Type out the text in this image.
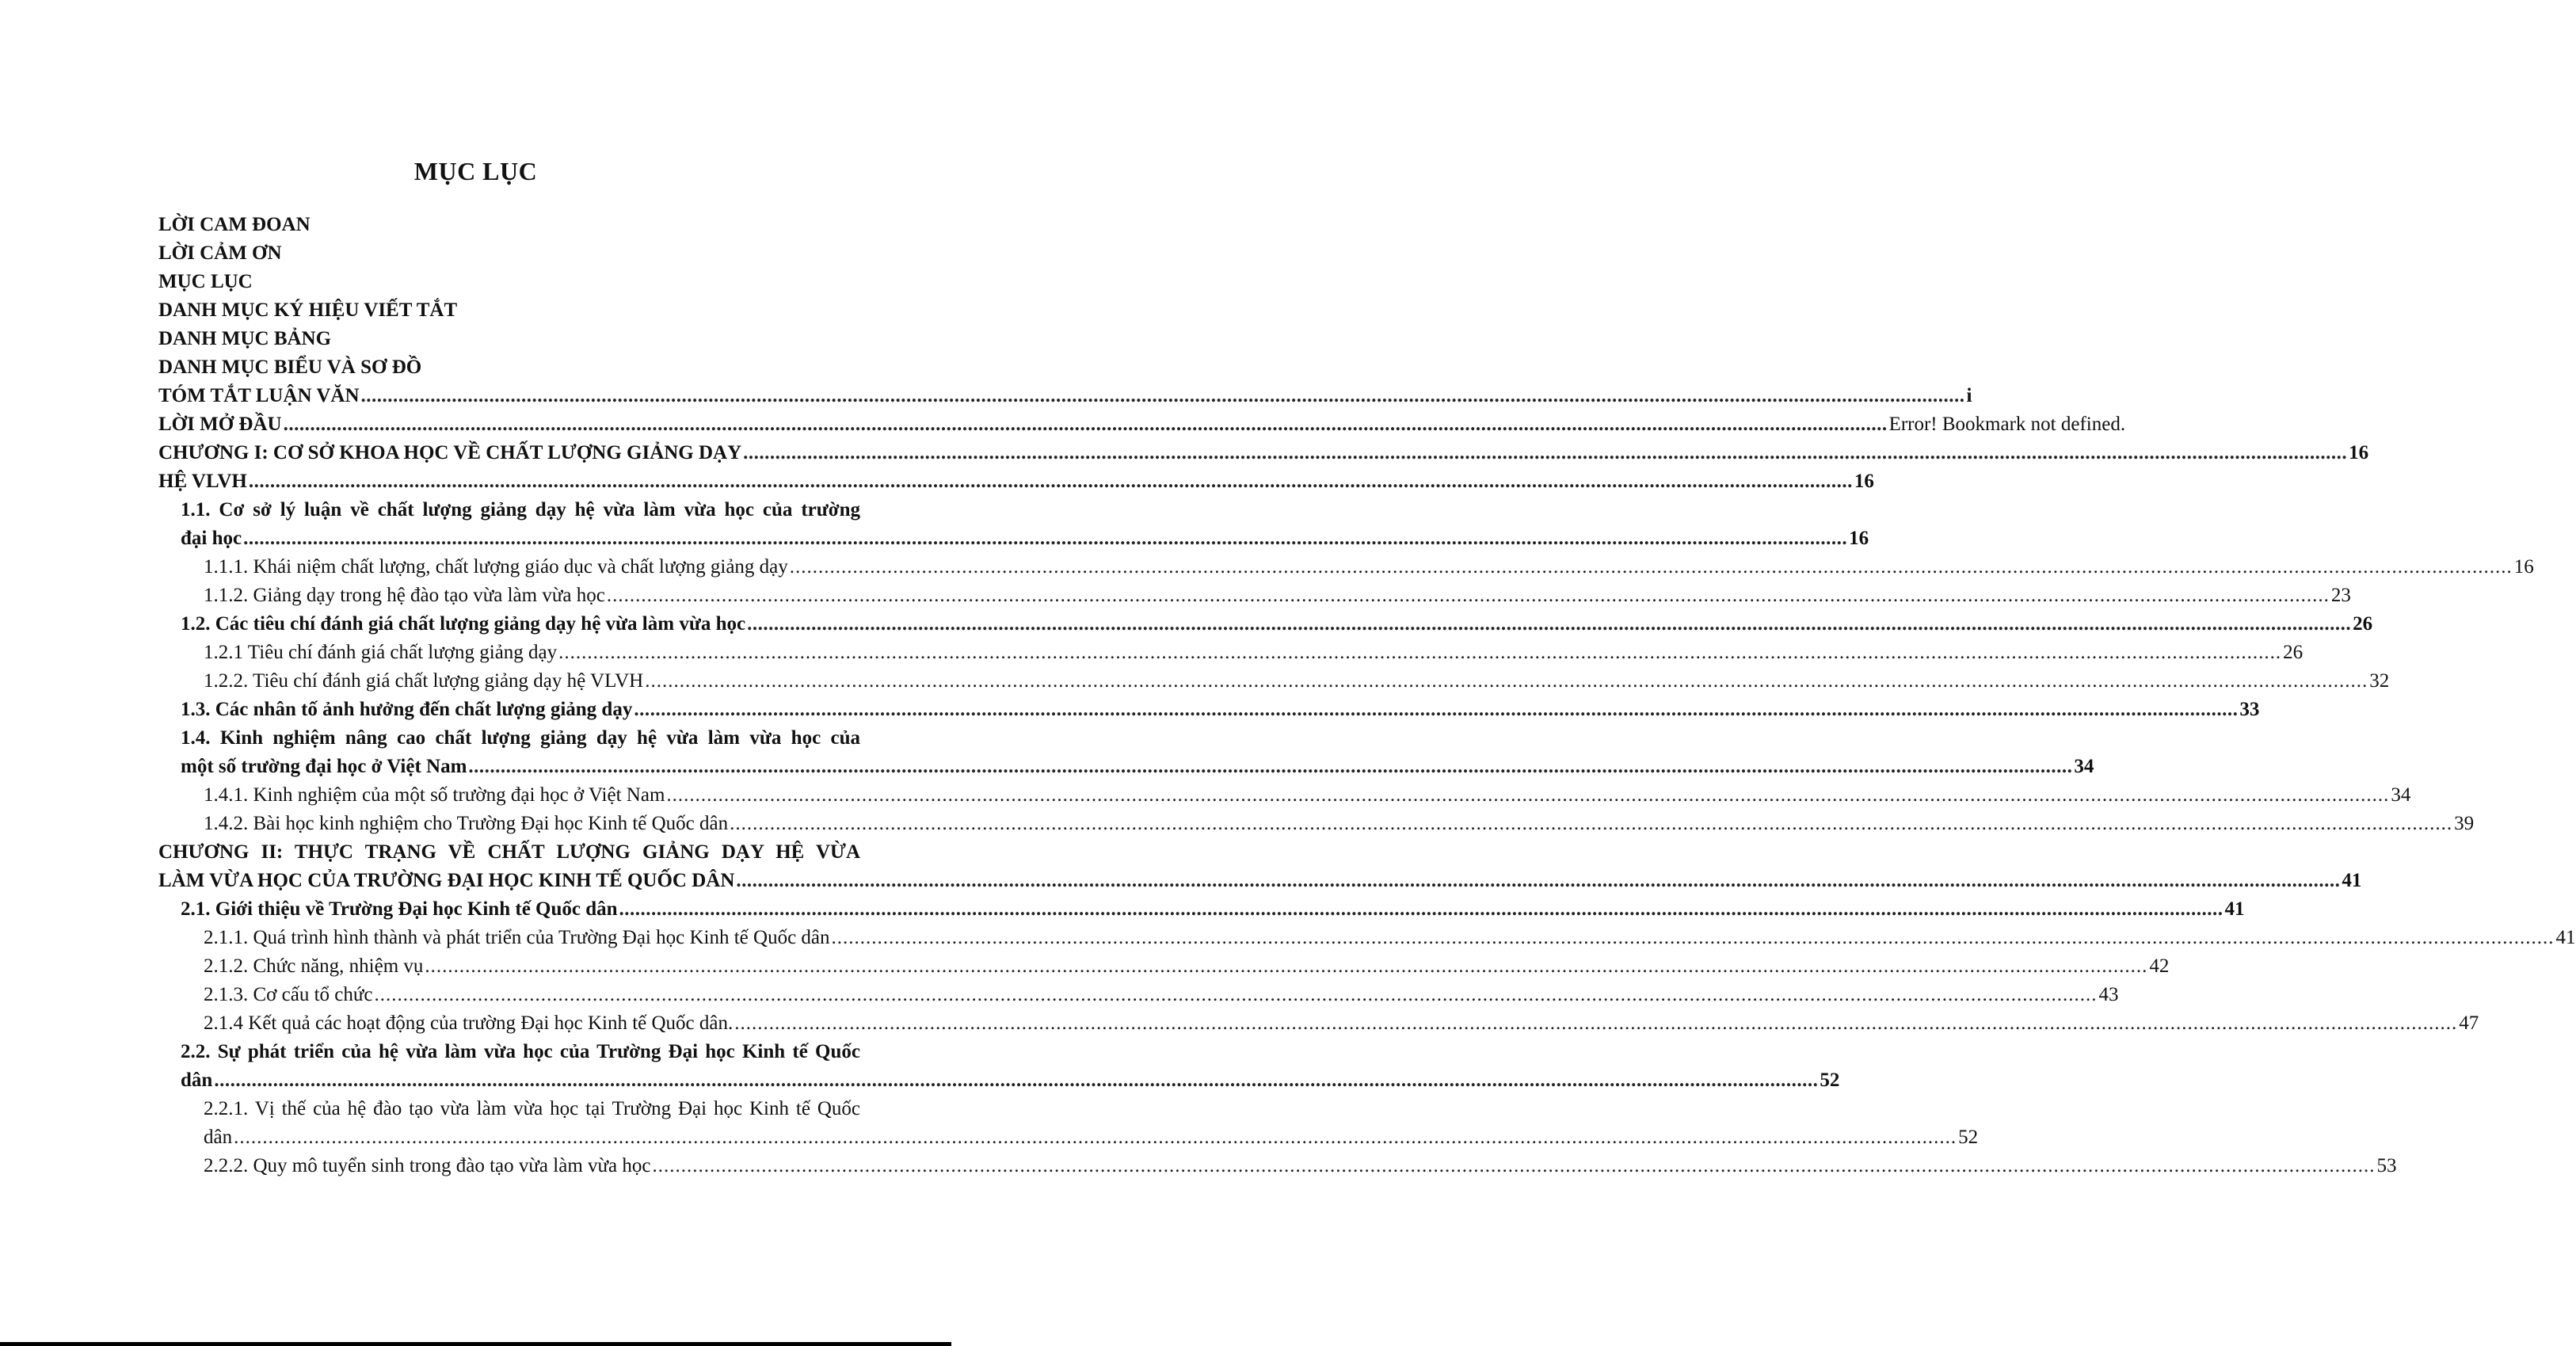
MỤC LỤC
LỜI CAM ĐOAN
LỜI CẢM ƠN
MỤC LỤC
DANH MỤC KÝ HIỆU VIẾT TẮT
DANH MỤC BẢNG
DANH MỤC BIỂU VÀ SƠ ĐỒ
TÓM TẮT LUẬN VĂN ............................................................................................................................................................................................................................................................................................................ i
LỜI MỞ ĐẦU ............................................................................................................................................................................................................................................................................................................ Error! Bookmark not defined.
CHƯƠNG I: CƠ SỞ KHOA HỌC VỀ CHẤT LƯỢNG GIẢNG DẠY ............................................................................................................................................................................................................................................................................................................ 16
HỆ VLVH ............................................................................................................................................................................................................................................................................................................ 16
1.1. Cơ sở lý luận về chất lượng giảng dạy hệ vừa làm vừa học của trường
đại học ............................................................................................................................................................................................................................................................................................................ 16
1.1.1. Khái niệm chất lượng, chất lượng giáo dục và chất lượng giảng dạy ............................................................................................................................................................................................................................................................................................................ 16
1.1.2. Giảng dạy trong hệ đào tạo vừa làm vừa học ............................................................................................................................................................................................................................................................................................................ 23
1.2. Các tiêu chí đánh giá chất lượng giảng dạy hệ vừa làm vừa học ............................................................................................................................................................................................................................................................................................................ 26
1.2.1 Tiêu chí đánh giá chất lượng giảng dạy ............................................................................................................................................................................................................................................................................................................ 26
1.2.2. Tiêu chí đánh giá chất lượng giảng dạy hệ VLVH ............................................................................................................................................................................................................................................................................................................ 32
1.3. Các nhân tố ảnh hưởng đến chất lượng giảng dạy ............................................................................................................................................................................................................................................................................................................ 33
1.4. Kinh nghiệm nâng cao chất lượng giảng dạy hệ vừa làm vừa học của
một số trường đại học ở Việt Nam ............................................................................................................................................................................................................................................................................................................ 34
1.4.1. Kinh nghiệm của một số trường đại học ở Việt Nam ............................................................................................................................................................................................................................................................................................................ 34
1.4.2. Bài học kinh nghiệm cho Trường Đại học Kinh tế Quốc dân ............................................................................................................................................................................................................................................................................................................ 39
CHƯƠNG II: THỰC TRẠNG VỀ CHẤT LƯỢNG GIẢNG DẠY HỆ VỪA
LÀM VỪA HỌC CỦA TRƯỜNG ĐẠI HỌC KINH TẾ QUỐC DÂN ............................................................................................................................................................................................................................................................................................................ 41
2.1. Giới thiệu về Trường Đại học Kinh tế Quốc dân ............................................................................................................................................................................................................................................................................................................ 41
2.1.1. Quá trình hình thành và phát triển của Trường Đại học Kinh tế Quốc dân ............................................................................................................................................................................................................................................................................................................ 41
2.1.2. Chức năng, nhiệm vụ ............................................................................................................................................................................................................................................................................................................ 42
2.1.3. Cơ cấu tổ chức ............................................................................................................................................................................................................................................................................................................ 43
2.1.4 Kết quả các hoạt động của trường Đại học Kinh tế Quốc dân. ............................................................................................................................................................................................................................................................................................................ 47
2.2. Sự phát triển của hệ vừa làm vừa học của Trường Đại học Kinh tế Quốc
dân ............................................................................................................................................................................................................................................................................................................ 52
2.2.1. Vị thế của hệ đào tạo vừa làm vừa học tại Trường Đại học Kinh tế Quốc
dân ............................................................................................................................................................................................................................................................................................................ 52
2.2.2. Quy mô tuyển sinh trong đào tạo vừa làm vừa học ............................................................................................................................................................................................................................................................................................................ 53
